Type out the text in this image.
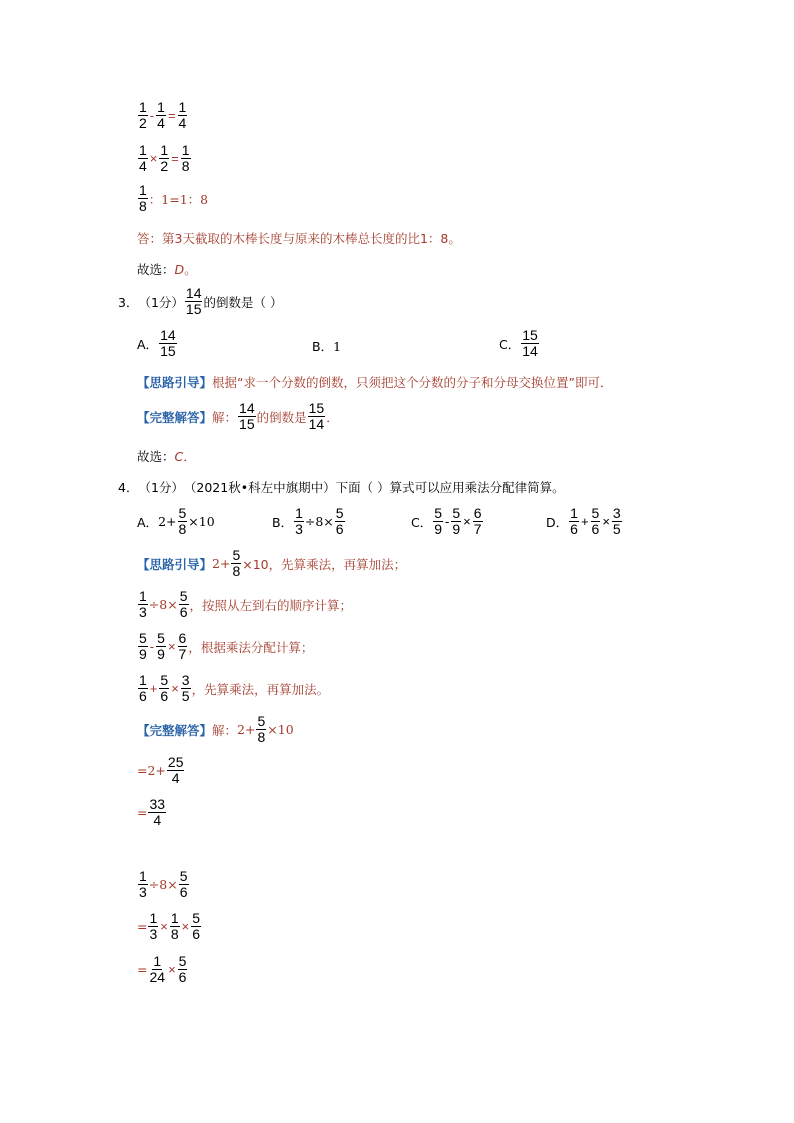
$\frac{1}{2} - \frac{1}{4} = \frac{1}{4}$
$\frac{1}{4} \times \frac{1}{2} = \frac{1}{8}$
$\frac{1}{8}$ ：1=1：8
答：第3天截取的木棒长度与原来的木棒总长度的比1：8。
故选： D 。
3． （1分） $\frac{14}{15}$ 的倒数是（ ）
A． $\frac{14}{15}$	B． 1	C． $\frac{15}{14}$
【思路引导】 根据“求一个分数的倒数，只须把这个分数的分子和分母交换位置”即可．
【完整解答】 解： $\frac{14}{15}$ 的倒数是 $\frac{15}{14}$ ．
故选： C ．
4． （1分） （2021秋•科左中旗期中） 下面（ ）算式可以应用乘法分配律简算。
A． $2+ \frac{5}{8} \times 10$	B． $\frac{1}{3} \div 8\times \frac{5}{6}$	C． $\frac{5}{9} - \frac{5}{9} \times \frac{6}{7}$	D． $\frac{1}{6} + \frac{5}{6} \times \frac{3}{5}$
【思路引导】 $2+ \frac{5}{8} \times 10$，先算乘法，再算加法；
$\frac{1}{3} \div 8\times \frac{5}{6}$ ，按照从左到右的顺序计算；
$\frac{5}{9} - \frac{5}{9} \times \frac{6}{7}$ ，根据乘法分配计算；
$\frac{1}{6} + \frac{5}{6} \times \frac{3}{5}$ ，先算乘法，再算加法。
【完整解答】 解： $2+ \frac{5}{8} \times 10$
$=2+ \frac{25}{4}$
= $\frac{33}{4}$
$\frac{1}{3} \div 8\times \frac{5}{6}$
= $\frac{1}{3} \times \frac{1}{8} \times \frac{5}{6}$
= $\frac{1}{24} \times \frac{5}{6}$
